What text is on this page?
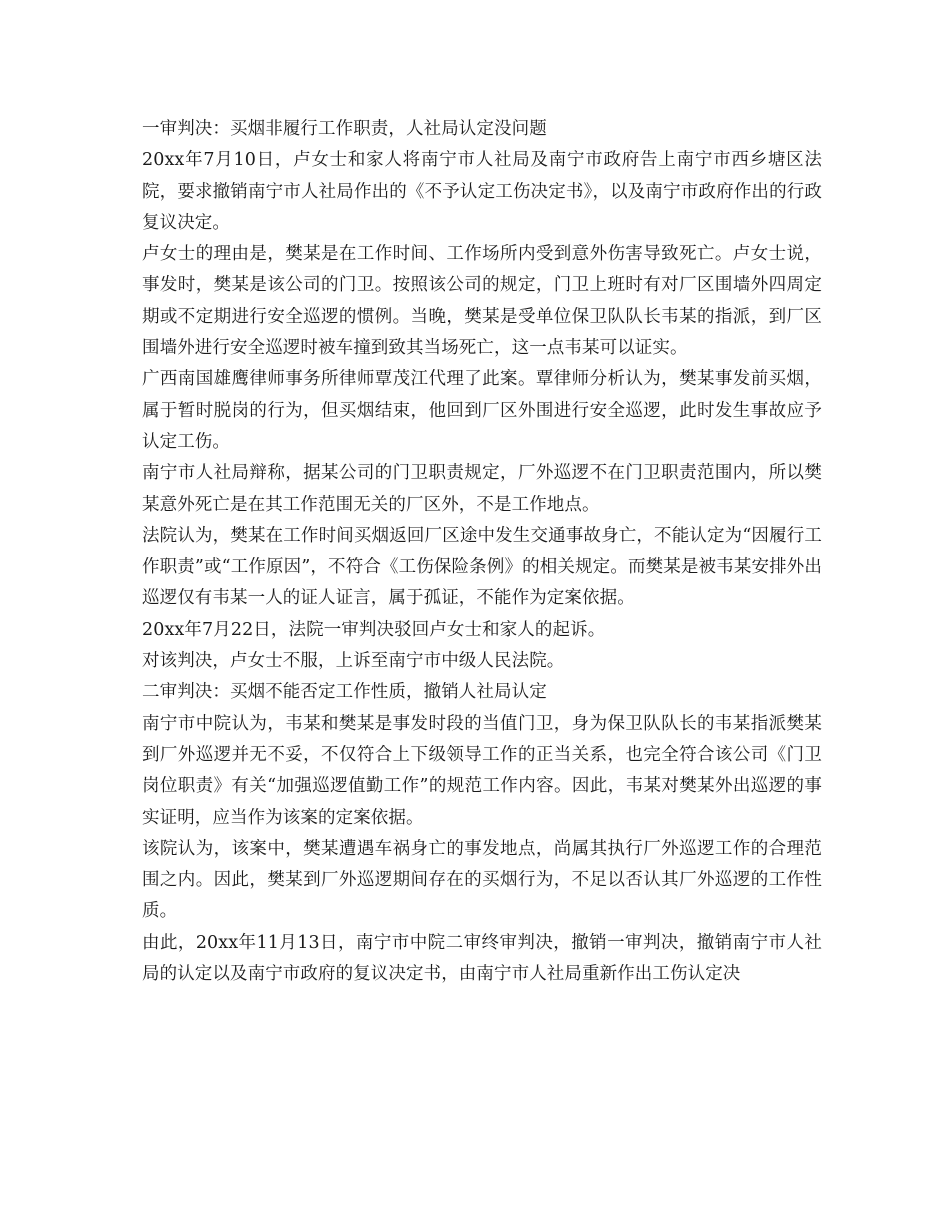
一审判决：买烟非履行工作职责，人社局认定没问题

20xx年7月10日，卢女士和家人将南宁市人社局及南宁市政府告上南宁市西乡塘区法院，要求撤销南宁市人社局作出的《不予认定工伤决定书》，以及南宁市政府作出的行政复议决定。

卢女士的理由是，樊某是在工作时间、工作场所内受到意外伤害导致死亡。卢女士说，事发时，樊某是该公司的门卫。按照该公司的规定，门卫上班时有对厂区围墙外四周定期或不定期进行安全巡逻的惯例。当晚，樊某是受单位保卫队队长韦某的指派，到厂区围墙外进行安全巡逻时被车撞到致其当场死亡，这一点韦某可以证实。

广西南国雄鹰律师事务所律师覃茂江代理了此案。覃律师分析认为，樊某事发前买烟，属于暂时脱岗的行为，但买烟结束，他回到厂区外围进行安全巡逻，此时发生事故应予认定工伤。

南宁市人社局辩称，据某公司的门卫职责规定，厂外巡逻不在门卫职责范围内，所以樊某意外死亡是在其工作范围无关的厂区外，不是工作地点。

法院认为，樊某在工作时间买烟返回厂区途中发生交通事故身亡，不能认定为“因履行工作职责”或“工作原因”，不符合《工伤保险条例》的相关规定。而樊某是被韦某安排外出巡逻仅有韦某一人的证人证言，属于孤证，不能作为定案依据。

20xx年7月22日，法院一审判决驳回卢女士和家人的起诉。

对该判决，卢女士不服，上诉至南宁市中级人民法院。

二审判决：买烟不能否定工作性质，撤销人社局认定

南宁市中院认为，韦某和樊某是事发时段的当值门卫，身为保卫队队长的韦某指派樊某到厂外巡逻并无不妥，不仅符合上下级领导工作的正当关系，也完全符合该公司《门卫岗位职责》有关“加强巡逻值勤工作”的规范工作内容。因此，韦某对樊某外出巡逻的事实证明，应当作为该案的定案依据。

该院认为，该案中，樊某遭遇车祸身亡的事发地点，尚属其执行厂外巡逻工作的合理范围之内。因此，樊某到厂外巡逻期间存在的买烟行为，不足以否认其厂外巡逻的工作性质。

由此，20xx年11月13日，南宁市中院二审终审判决，撤销一审判决，撤销南宁市人社局的认定以及南宁市政府的复议决定书，由南宁市人社局重新作出工伤认定决
